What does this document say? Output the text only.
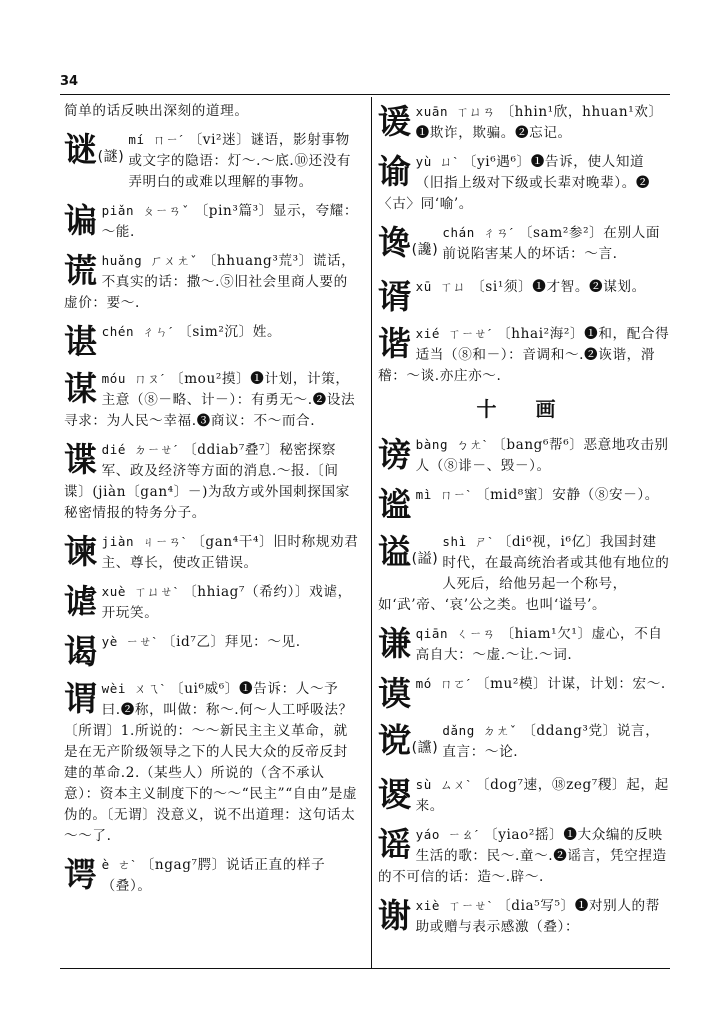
34
简单的话反映出深刻的道理。
谜(謎)
mí ㄇㄧˊ 〔vi²迷〕谜语，影射事物或文字的隐语：灯～.～底.⑩还没有弄明白的或难以理解的事物。
谝piǎn ㄆㄧㄢˇ 〔pin³篇³〕显示，夸耀：～能.
谎huǎng ㄏㄨㄤˇ 〔hhuang³荒³〕谎话，不真实的话：撒～.⑤旧社会里商人要的虚价：要～.
谌chén ㄔㄣˊ 〔sim²沉〕姓。
谋móu ㄇㄡˊ 〔mou²摸〕❶计划，计策，主意（⑧－略、计－）：有勇无～.❷设法寻求：为人民～幸福.❸商议：不～而合.
谍dié ㄉㄧㄝˊ 〔ddiab⁷叠⁷〕秘密探察军、政及经济等方面的消息.～报.〔间谍〕(jiàn〔gan⁴〕－)为敌方或外国刺探国家秘密情报的特务分子。
谏jiàn ㄐㄧㄢˋ 〔gan⁴干⁴〕旧时称规劝君主、尊长，使改正错误。
谑xuè ㄒㄩㄝˋ 〔hhiag⁷（希约）〕戏谑，开玩笑。
谒yè ㄧㄝˋ 〔id⁷乙〕拜见：～见.
谓wèi ㄨㄟˋ 〔ui⁶威⁶〕❶告诉：人～予曰.❷称，叫做：称～.何～人工呼吸法？〔所谓〕1.所说的：～～新民主主义革命，就是在无产阶级领导之下的人民大众的反帝反封建的革命.2.（某些人）所说的（含不承认意）：资本主义制度下的～～“民主”“自由”是虚伪的。〔无谓〕没意义，说不出道理：这句话太～～了.
谔è ㄜˋ 〔ngag⁷腭〕说话正直的样子（叠）。
谖xuān ㄒㄩㄢ 〔hhin¹欣，hhuan¹欢〕❶欺诈，欺骗。❷忘记。
谕yù ㄩˋ 〔yi⁶遇⁶〕❶告诉，使人知道（旧指上级对下级或长辈对晚辈）。❷〈古〉同‘喻’。
谗(讒)
chán ㄔㄢˊ 〔sam²参²〕在别人面前说陷害某人的坏话：～言.
谞xū ㄒㄩ 〔si¹须〕❶才智。❷谋划。
谐xié ㄒㄧㄝˊ 〔hhai²海²〕❶和，配合得适当（⑧和－）：音调和～.❷诙谐，滑稽：～谈.亦庄亦～.
十 画
谤bàng ㄅㄤˋ 〔bang⁶帮⁶〕恶意地攻击别人（⑧诽－、毁－）。
谧mì ㄇㄧˋ 〔mid⁸蜜〕安静（⑧安－）。
谥(謚)
shì ㄕˋ 〔di⁶视，i⁶亿〕我国封建时代，在最高统治者或其他有地位的人死后，给他另起一个称号，如‘武’帝、‘哀’公之类。也叫‘谥号’。
谦qiān ㄑㄧㄢ 〔hiam¹欠¹〕虚心，不自高自大：～虚.～让.～词.
谟mó ㄇㄛˊ 〔mu²模〕计谋，计划：宏～.
谠(讜)
dǎng ㄉㄤˇ 〔ddang³党〕说言，直言：～论.
谡sù ㄙㄨˋ 〔dog⁷速，⑱zeg⁷稷〕起，起来。
谣yáo ㄧㄠˊ 〔yiao²摇〕❶大众编的反映生活的歌：民～.童～.❷谣言，凭空捏造的不可信的话：造～.辟～.
谢xiè ㄒㄧㄝˋ 〔dia⁵写⁵〕❶对别人的帮助或赠与表示感激（叠）：
